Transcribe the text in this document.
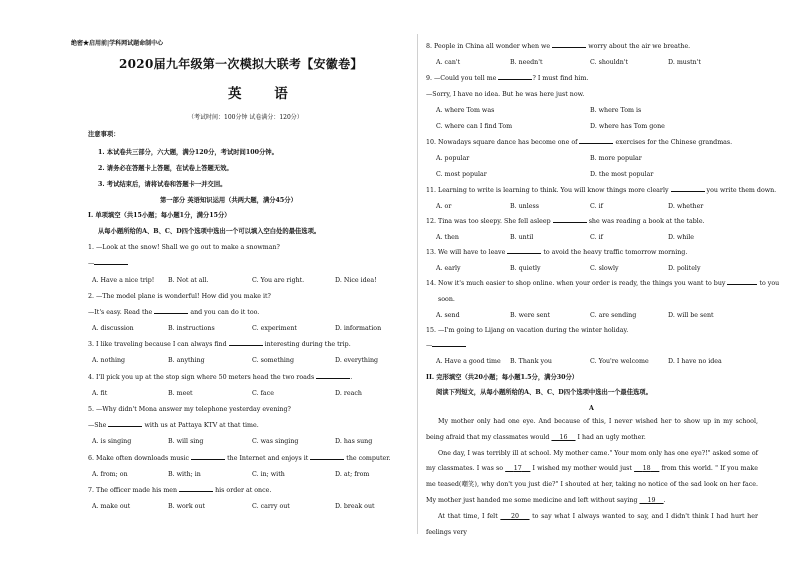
绝密★启用前|学科网试题命制中心
2020届九年级第一次模拟大联考【安徽卷】
英 语
（考试时间：100分钟 试卷满分：120分）
注意事项：
1. 本试卷共三部分，六大题，满分120分，考试时间100分钟。
2. 请务必在答题卡上答题，在试卷上答题无效。
3. 考试结束后，请将试卷和答题卡一并交回。
第一部分 英语知识运用（共两大题，满分45分）
I. 单项填空（共15小题；每小题1分，满分15分）
从每小题所给的A、B、C、D四个选项中选出一个可以填入空白处的最佳选项。
1. —Look at the snow! Shall we go out to make a snowman?
—
A. Have a nice trip! B. Not at all.	C. You are right.	D. Nice idea!
2. —The model plane is wonderful! How did you make it?
—It's easy. Read the	and you can do it too.
A. discussion	B. instructions	C. experiment	D. information
3. I like traveling because I can always find	interesting during the trip.
A. nothing	B. anything	C. something	D. everything
4. I'll pick you up at the stop sign where 50 meters head the two roads	.
A. fit	B. meet	C. face	D. reach
5. —Why didn't Mona answer my telephone yesterday evening?
—She	with us at Pattaya KTV at that time.
A. is singing	B. will sing	C. was singing	D. has sung
6. Make often downloads music	the Internet and enjoys it	the computer.
A. from; on	B. with; in	C. in; with	D. at; from
7. The officer made his men	his order at once.
A. make out	B. work out	C. carry out	D. break out
8. People in China all wonder when we	worry about the air we breathe.
A. can't	B. needn't	C. shouldn't	D. mustn't
9. —Could you tell me	? I must find him.
—Sorry, I have no idea. But he was here just now.
A. where Tom was	B. where Tom is
C. where can I find Tom	D. where has Tom gone
10. Nowadays square dance has become one of	exercises for the Chinese grandmas.
A. popular	B. more popular
C. most popular	D. the most popular
11. Learning to write is learning to think. You will know things more clearly	you write them down.
A. or	B. unless	C. if	D. whether
12. Tina was too sleepy. She fell asleep	she was reading a book at the table.
A. then	B. until	C. if	D. while
13. We will have to leave	to avoid the heavy traffic tomorrow morning.
A. early	B. quietly	C. slowly	D. politely
14. Now it's much easier to shop online. when your order is ready, the things you want to buy	to you
soon.
A. send	B. were sent	C. are sending	D. will be sent
15. —I'm going to Lijang on vacation during the winter holiday.
—
A. Have a good time B. Thank you	C. You're welcome	D. I have no idea
II. 完形填空（共20小题；每小题1.5分，满分30分）
阅读下列短文，从每小题所给的A、B、C、D四个选项中选出一个最佳选项。
A

My mother only had one eye. And because of this, I never wished her to show up in my school, being afraid that my classmates would 16 I had an ugly mother.

One day, I was terribly ill at school. My mother came." Your mom only has one eye?!" asked some of my classmates. I was so 17 I wished my mother would just 18 from this world. " If you make me teased(嘲笑), why don't you just die?" I shouted at her, taking no notice of the sad look on her face. My mother just handed me some medicine and left without saying 19 .

At that time, I felt 20 to say what I always wanted to say, and I didn't think I had hurt her feelings very
